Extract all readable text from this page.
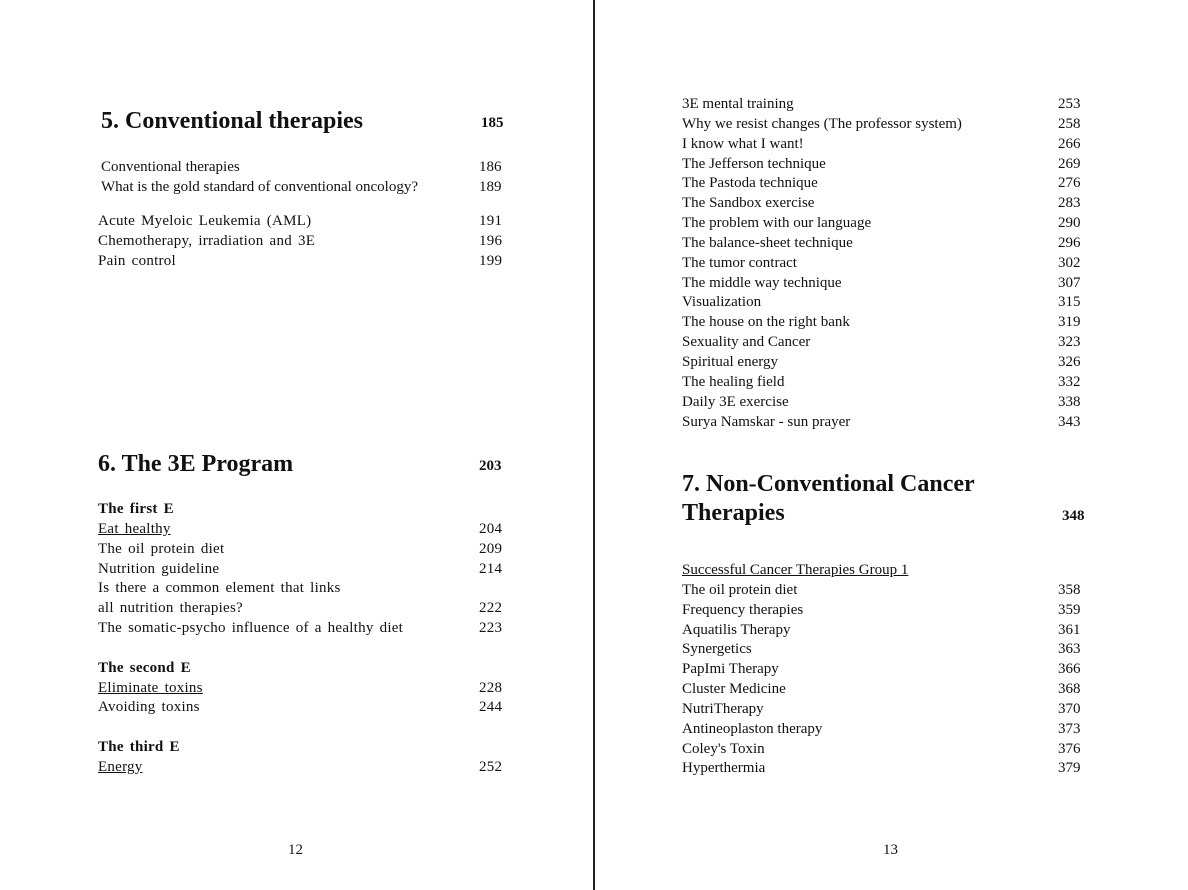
5. Conventional therapies	185
Conventional therapies	186
What is the gold standard of conventional oncology?	189
Acute Myeloic Leukemia (AML)	191
Chemotherapy, irradiation and 3E	196
Pain control	199
6. The 3E Program	203
The first E
Eat healthy	204
The oil protein diet	209
Nutrition guideline	214
Is there a common element that links
all nutrition therapies?	222
The somatic-psycho influence of a healthy diet	223
The second E
Eliminate toxins	228
Avoiding toxins	244
The third E
Energy	252
12
3E mental training	253
Why we resist changes (The professor system)	258
I know what I want!	266
The Jefferson technique	269
The Pastoda technique	276
The Sandbox exercise	283
The problem with our language	290
The balance-sheet technique	296
The tumor contract	302
The middle way technique	307
Visualization	315
The house on the right bank	319
Sexuality and Cancer	323
Spiritual energy	326
The healing field	332
Daily 3E exercise	338
Surya Namskar - sun prayer	343
7. Non-Conventional Cancer
Therapies	348
Successful Cancer Therapies Group 1
The oil protein diet	358
Frequency therapies	359
Aquatilis Therapy	361
Synergetics	363
PapImi Therapy	366
Cluster Medicine	368
NutriTherapy	370
Antineoplaston therapy	373
Coley's Toxin	376
Hyperthermia	379
13
